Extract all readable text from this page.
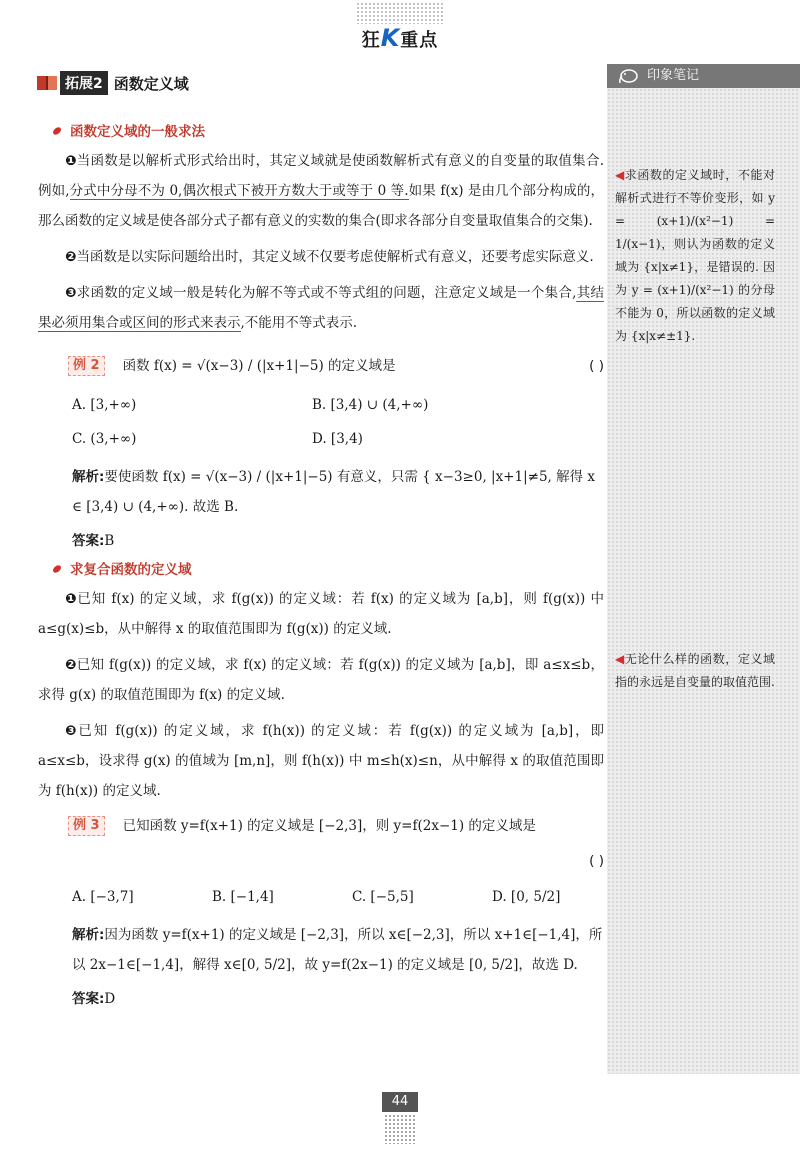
狂K重点
拓展2 函数定义域
函数定义域的一般求法
❶当函数是以解析式形式给出时，其定义域就是使函数解析式有意义的自变量的取值集合. 例如,分式中分母不为 0,偶次根式下被开方数大于或等于 0 等.如果 f(x) 是由几个部分构成的，那么函数的定义域是使各部分式子都有意义的实数的集合(即求各部分自变量取值集合的交集).
❷当函数是以实际问题给出时，其定义域不仅要考虑使解析式有意义，还要考虑实际意义.
❸求函数的定义域一般是转化为解不等式或不等式组的问题，注意定义域是一个集合,其结果必须用集合或区间的形式来表示,不能用不等式表示.
例 2	函数 f(x) = √(x−3) / (|x+1|−5) 的定义域是	( )
A. [3,+∞)	B. [3,4) ∪ (4,+∞)
C. (3,+∞)	D. [3,4)
解析:要使函数 f(x) = √(x−3) / (|x+1|−5) 有意义，只需 { x−3≥0, |x+1|≠5, 解得 x ∈ [3,4) ∪ (4,+∞). 故选 B.
答案:B
求复合函数的定义域
❶已知 f(x) 的定义域，求 f(g(x)) 的定义域：若 f(x) 的定义域为 [a,b]，则 f(g(x)) 中 a≤g(x)≤b，从中解得 x 的取值范围即为 f(g(x)) 的定义域.
❷已知 f(g(x)) 的定义域，求 f(x) 的定义域：若 f(g(x)) 的定义域为 [a,b]，即 a≤x≤b，求得 g(x) 的取值范围即为 f(x) 的定义域.
❸已知 f(g(x)) 的定义域，求 f(h(x)) 的定义域：若 f(g(x)) 的定义域为 [a,b]，即 a≤x≤b，设求得 g(x) 的值域为 [m,n]，则 f(h(x)) 中 m≤h(x)≤n，从中解得 x 的取值范围即为 f(h(x)) 的定义域.
例 3	已知函数 y=f(x+1) 的定义域是 [−2,3]，则 y=f(2x−1) 的定义域是
( )
A. [−3,7]	B. [−1,4]	C. [−5,5]	D. [0, 5/2]
解析:因为函数 y=f(x+1) 的定义域是 [−2,3]，所以 x∈[−2,3]，所以 x+1∈[−1,4]，所以 2x−1∈[−1,4]，解得 x∈[0, 5/2]，故 y=f(2x−1) 的定义域是 [0, 5/2]，故选 D.
答案:D
印象笔记
◀求函数的定义域时，不能对解析式进行不等价变形，如 y = (x+1)/(x²−1) = 1/(x−1)，则认为函数的定义域为 {x|x≠1}，是错误的. 因为 y = (x+1)/(x²−1) 的分母不能为 0，所以函数的定义域为 {x|x≠±1}.
◀无论什么样的函数，定义域指的永远是自变量的取值范围.
44
